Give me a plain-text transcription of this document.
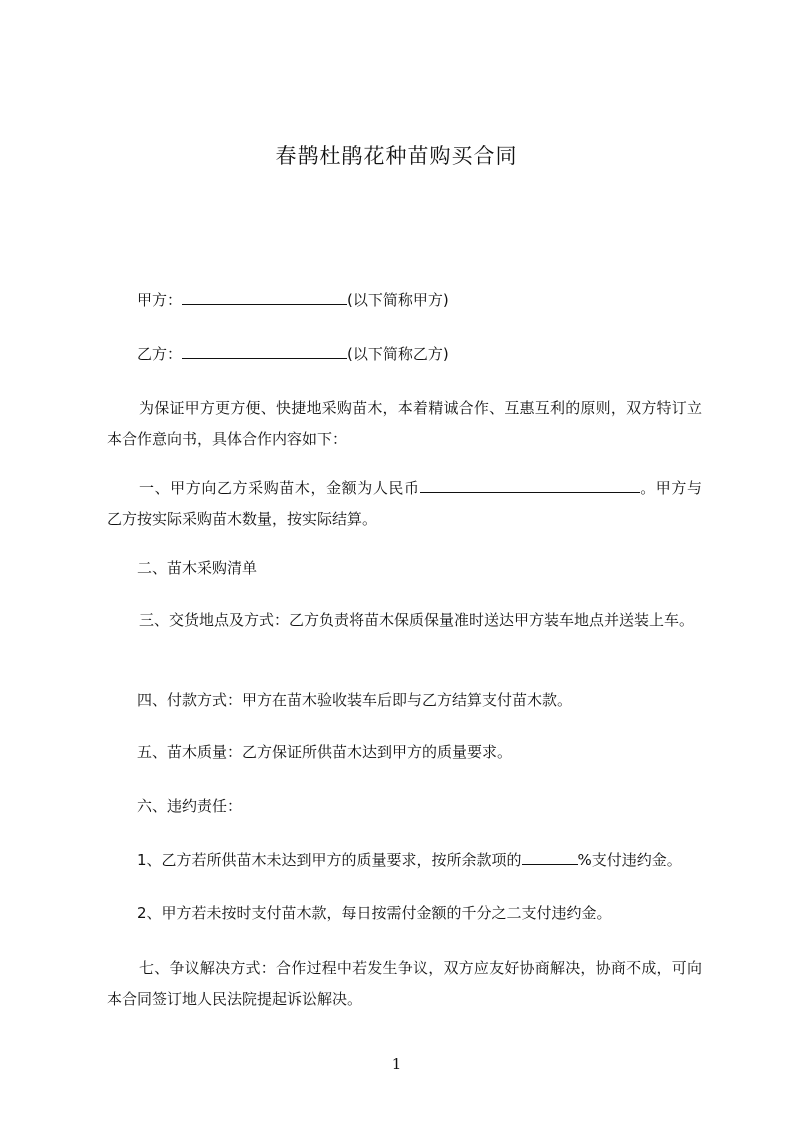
春鹊杜鹃花种苗购买合同

甲方：	(以下简称甲方)

乙方：	(以下简称乙方)

为保证甲方更方便、快捷地采购苗木，本着精诚合作、互惠互利的原则，双方特订立本合作意向书，具体合作内容如下：

一、甲方向乙方采购苗木，金额为人民币	。甲方与乙方按实际采购苗木数量，按实际结算。

二、苗木采购清单

三、交货地点及方式：乙方负责将苗木保质保量准时送达甲方装车地点并送装上车。

四、付款方式：甲方在苗木验收装车后即与乙方结算支付苗木款。

五、苗木质量：乙方保证所供苗木达到甲方的质量要求。

六、违约责任：

1、乙方若所供苗木未达到甲方的质量要求，按所余款项的	%支付违约金。

2、甲方若未按时支付苗木款，每日按需付金额的千分之二支付违约金。

七、争议解决方式：合作过程中若发生争议，双方应友好协商解决，协商不成，可向本合同签订地人民法院提起诉讼解决。

1
